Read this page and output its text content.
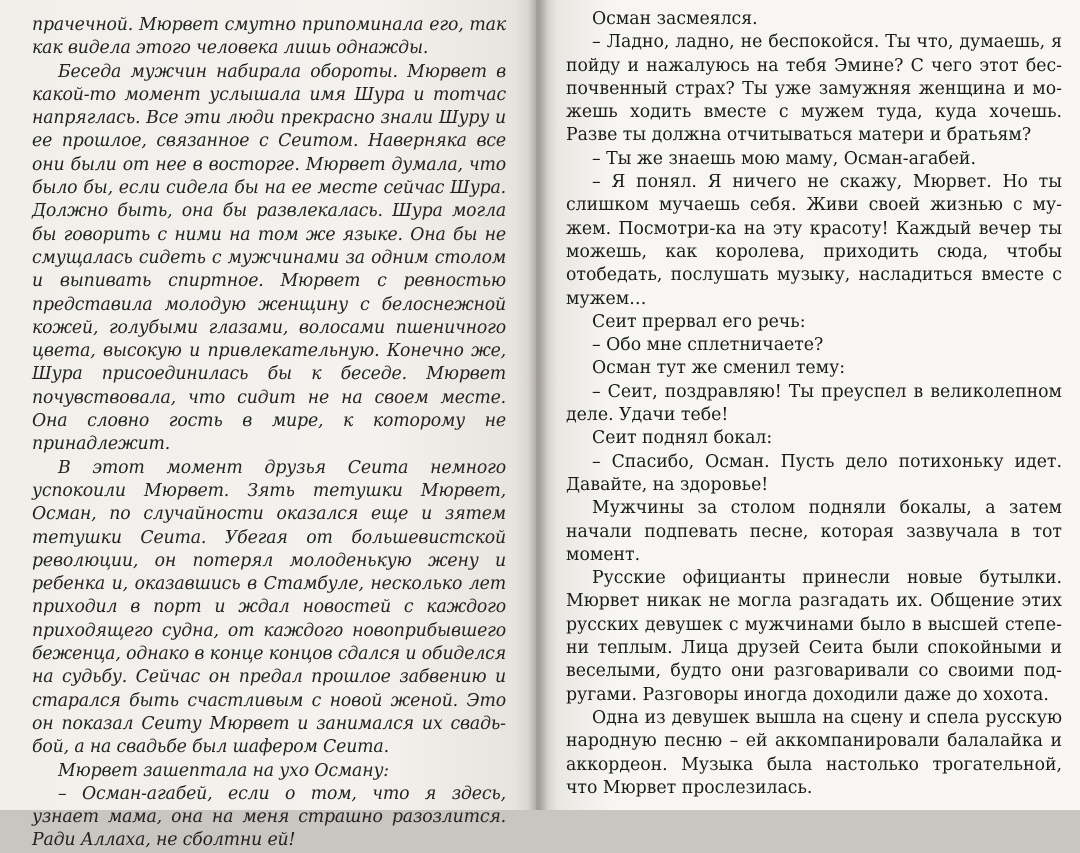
прачечной. Мюрвет смутно припоминала его, так как видела этого человека лишь однажды.

Беседа мужчин набирала обороты. Мюрвет в какой-то момент услышала имя Шура и тотчас напряглась. Все эти люди прекрасно знали Шуру и ее прошлое, связанное с Сеитом. Наверняка все они были от нее в восторге. Мюрвет думала, что было бы, если сидела бы на ее месте сейчас Шура. Должно быть, она бы развлекалась. Шура могла бы говорить с ними на том же языке. Она бы не смущалась сидеть с мужчинами за одним столом и выпивать спиртное. Мюрвет с ревностью представила молодую женщину с белоснежной кожей, голубыми глазами, волосами пшеничного цвета, высокую и привлекательную. Конечно же, Шура присоединилась бы к беседе. Мюрвет почувствовала, что сидит не на своем месте. Она словно гость в мире, к которому не принадлежит.

В этот момент друзья Сеита немного успокоили Мюрвет. Зять тетушки Мюрвет, Осман, по случайности оказался еще и зятем тетушки Сеита. Убегая от большевистской революции, он потерял молоденькую жену и ребенка и, оказавшись в Стамбуле, несколько лет приходил в порт и ждал новостей с каждого приходящего судна, от каждого новоприбывшего беженца, однако в конце концов сдался и обиделся на судьбу. Сейчас он предал прошлое забвению и старался быть счастливым с новой женой. Это он показал Сеиту Мюрвет и занимался их свадьбой, а на свадьбе был шафером Сеита.

Мюрвет зашептала на ухо Осману:

– Осман-агабей, если о том, что я здесь, узнает мама, она на меня страшно разозлится. Ради Аллаха, не сболтни ей!

Осман засмеялся.

– Ладно, ладно, не беспокойся. Ты что, думаешь, я пойду и нажалуюсь на тебя Эмине? С чего этот беспочвенный страх? Ты уже замужняя женщина и можешь ходить вместе с мужем туда, куда хочешь. Разве ты должна отчитываться матери и братьям?

– Ты же знаешь мою маму, Осман-агабей.

– Я понял. Я ничего не скажу, Мюрвет. Но ты слишком мучаешь себя. Живи своей жизнью с мужем. Посмотри-ка на эту красоту! Каждый вечер ты можешь, как королева, приходить сюда, чтобы отобедать, послушать музыку, насладиться вместе с мужем…

Сеит прервал его речь:

– Обо мне сплетничаете?

Осман тут же сменил тему:

– Сеит, поздравляю! Ты преуспел в великолепном деле. Удачи тебе!

Сеит поднял бокал:

– Спасибо, Осман. Пусть дело потихоньку идет. Давайте, на здоровье!

Мужчины за столом подняли бокалы, а затем начали подпевать песне, которая зазвучала в тот момент.

Русские официанты принесли новые бутылки. Мюрвет никак не могла разгадать их. Общение этих русских девушек с мужчинами было в высшей степени теплым. Лица друзей Сеита были спокойными и веселыми, будто они разговаривали со своими подругами. Разговоры иногда доходили даже до хохота.

Одна из девушек вышла на сцену и спела русскую народную песню – ей аккомпанировали балалайка и аккордеон. Музыка была настолько трогательной, что Мюрвет прослезилась.
